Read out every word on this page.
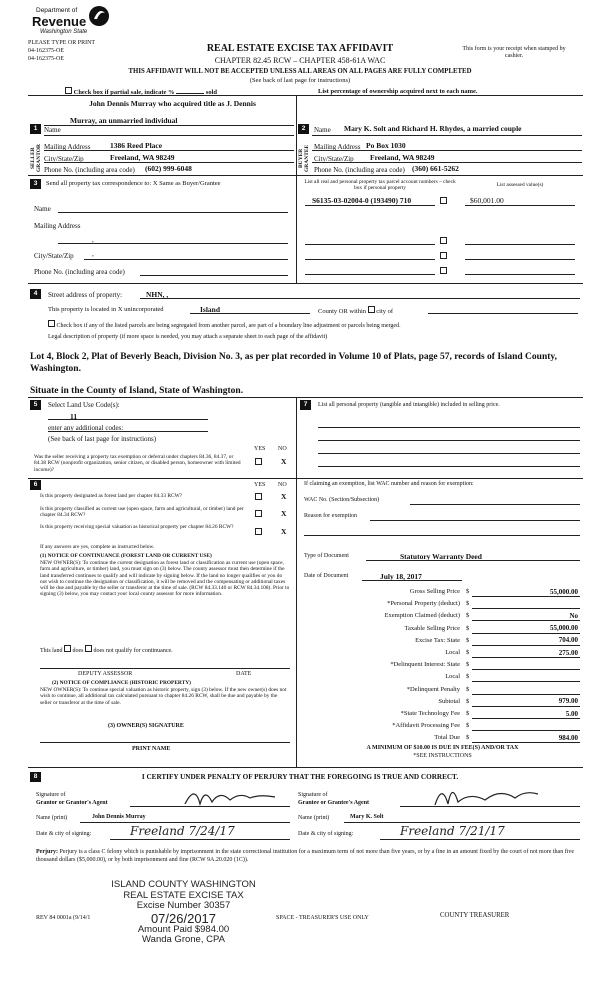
Department of
Revenue
Washington State
PLEASE TYPE OR PRINT
04-162375-OE
04-162375-OE
REAL ESTATE EXCISE TAX AFFIDAVIT
CHAPTER 82.45 RCW – CHAPTER 458-61A WAC
This form is your receipt when stamped by cashier.
THIS AFFIDAVIT WILL NOT BE ACCEPTED UNLESS ALL AREAS ON ALL PAGES ARE FULLY COMPLETED
(See back of last page for instructions)
Check box if partial sale, indicate %	sold	List percentage of ownership acquired next to each name.
1
John Dennis Murray who acquired title as J. Dennis
Name
Murray, an unmarried individual
SELLER GRANTOR Mailing Address	1386 Reed Place
City/State/Zip	Freeland, WA 98249
Phone No. (including area code) (602) 999-6048
2	Name Mary K. Solt and Richard H. Rhydes, a married couple
BUYER GRANTEE Mailing Address Po Box 1030
City/State/Zip Freeland, WA 98249
Phone No. (including area code) (360) 661-5262
3	Send all property tax correspondence to: X Same as Buyer/Grantee
Name
Mailing Address
,
City/State/Zip	,
Phone No. (including area code)
List all real and personal property tax parcel account numbers – check box if personal property
List assessed value(s)
S6135-03-02004-0 (193490) 710	$60,001.00
4	Street address of property:	NHN, ,
This property is located in X unincorporated	Island	County OR within city of
Check box if any of the listed parcels are being segregated from another parcel, are part of a boundary line adjustment or parcels being merged.
Legal description of property (if more space is needed, you may attach a separate sheet to each page of the affidavit)
Lot 4, Block 2, Plat of Beverly Beach, Division No. 3, as per plat recorded in Volume 10 of Plats, page 57, records of Island County, Washington.
Situate in the County of Island, State of Washington.
5	Select Land Use Code(s):
11
enter any additional codes:
(See back of last page for instructions)
YES NO
Was the seller receiving a property tax exemption or deferral under chapters 84.36, 84.37, or 84.38 RCW (nonprofit organization, senior citizen, or disabled person, homeowner with limited income)?
X
6	YES NO
Is this property designated as forest land per chapter 84.33 RCW?	X
Is this property classified as current use (open space, farm and agricultural, or timber) land per chapter 84.34 RCW?	X
Is this property receiving special valuation as historical property per chapter 84.26 RCW?	X
If any answers are yes, complete as instructed below.
(1) NOTICE OF CONTINUANCE (FOREST LAND OR CURRENT USE)
NEW OWNER(S): To continue the current designation as forest land or classification as current use (open space, farm and agriculture, or timber) land, you must sign on (3) below. The county assessor must then determine if the land transferred continues to qualify and will indicate by signing below. If the land no longer qualifies or you do not wish to continue the designation or classification, it will be removed and the compensating or additional taxes will be due and payable by the seller or transferor at the time of sale. (RCW 84.33.140 or RCW 84.34.108). Prior to signing (3) below, you may contact your local county assessor for more information.
This land does does not qualify for continuance.
DEPUTY ASSESSOR	DATE
(2) NOTICE OF COMPLIANCE (HISTORIC PROPERTY)
NEW OWNER(S): To continue special valuation as historic property, sign (3) below. If the new owner(s) does not wish to continue, all additional tax calculated pursuant to chapter 84.26 RCW, shall be due and payable by the seller or transferor at the time of sale.
(3) OWNER(S) SIGNATURE
PRINT NAME
7	List all personal property (tangible and intangible) included in selling price.
If claiming an exemption, list WAC number and reason for exemption:
WAC No. (Section/Subsection)
Reason for exemption
Type of Document	Statutory Warranty Deed
Date of Document	July 18, 2017
Gross Selling Price $	55,000.00
*Personal Property (deduct) $
Exemption Claimed (deduct) $	No
Taxable Selling Price $	55,000.00
Excise Tax: State $	704.00
Local $	275.00
*Delinquent Interest: State $
Local $
*Delinquent Penalty $
Subtotal $	979.00
*State Technology Fee $	5.00
*Affidavit Processing Fee $
Total Due $	984.00
A MINIMUM OF $10.00 IS DUE IN FEE(S) AND/OR TAX
*SEE INSTRUCTIONS
8	I CERTIFY UNDER PENALTY OF PERJURY THAT THE FOREGOING IS TRUE AND CORRECT.
Signature of
Grantor or Grantor's Agent
Signature of
Grantee or Grantee's Agent
Name (print)	John Dennis Murray	Name (print)	Mary K. Solt
Date & city of signing:	Freeland 7/24/17	Date & city of signing:	Freeland 7/21/17
Perjury: Perjury is a class C felony which is punishable by imprisonment in the state correctional institution for a maximum term of not more than five years, or by a fine in an amount fixed by the court of not more than five thousand dollars ($5,000.00), or by both imprisonment and fine (RCW 9A.20.020 (1C)).
ISLAND COUNTY WASHINGTON
REAL ESTATE EXCISE TAX
Excise Number 30357
07/26/2017
Amount Paid $984.00
Wanda Grone, CPA
REV 84 0001a (9/14/1	SPACE - TREASURER'S USE ONLY	COUNTY TREASURER
